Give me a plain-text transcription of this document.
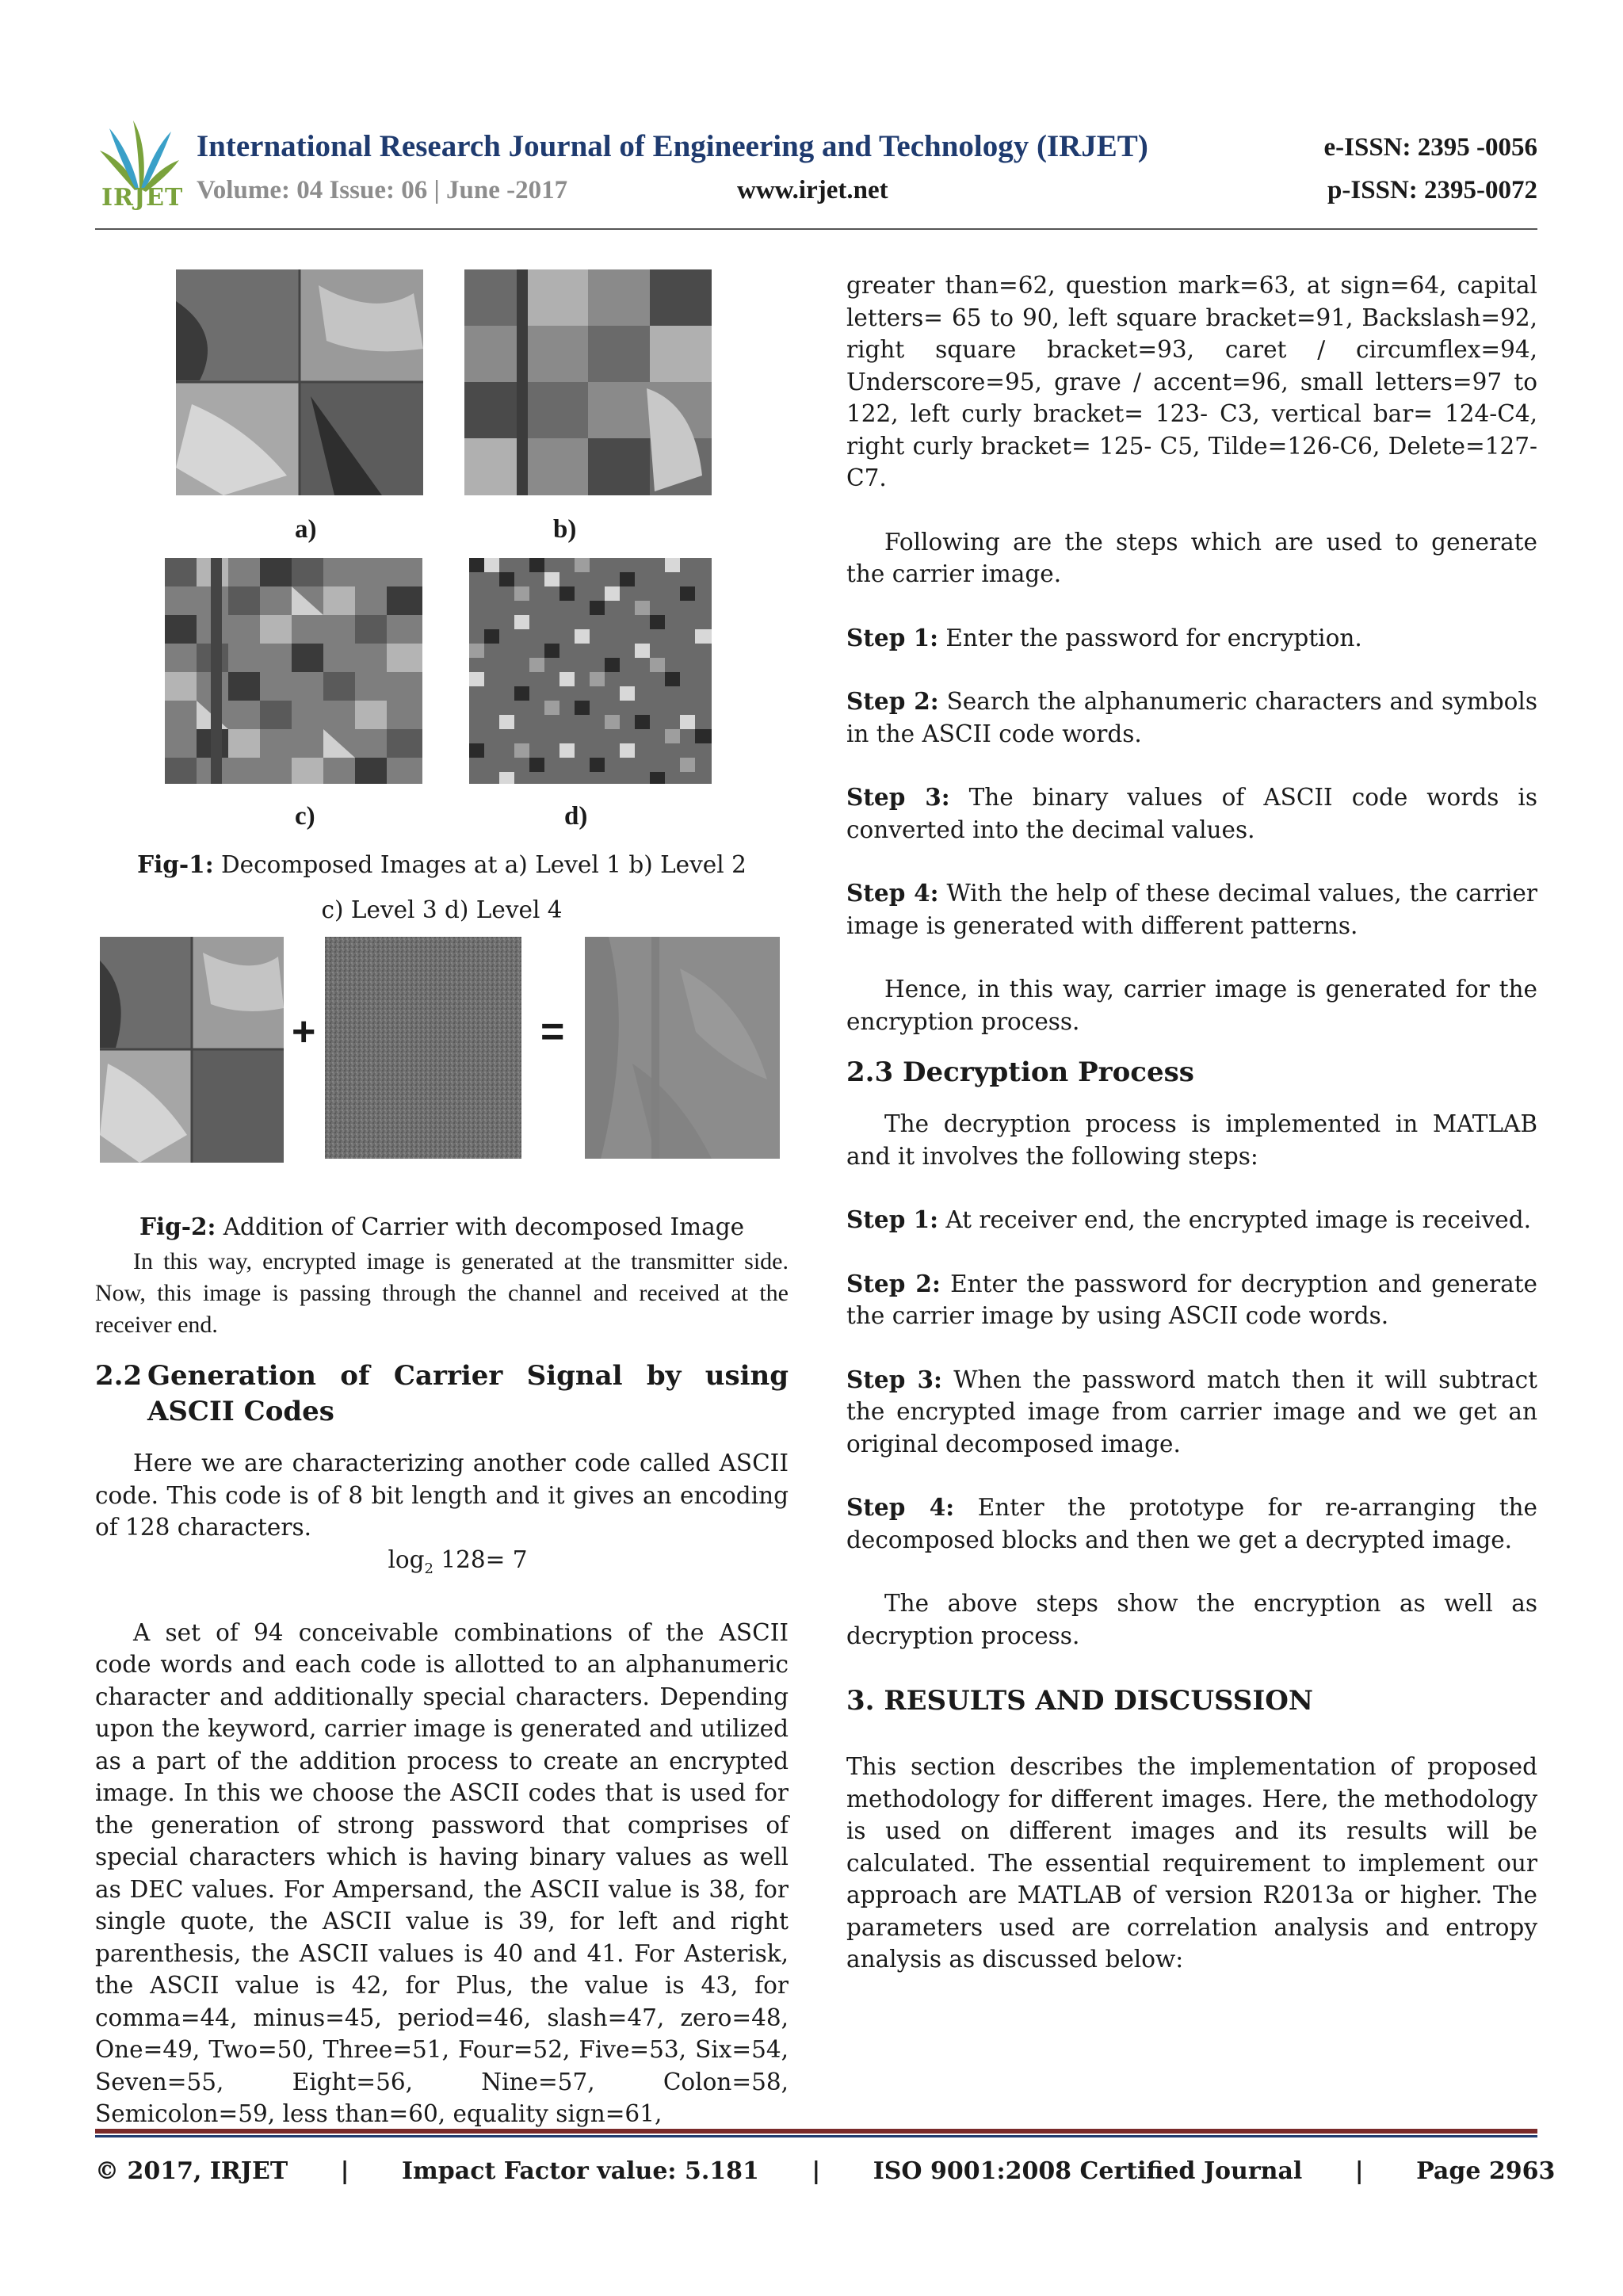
IRJET
International Research Journal of Engineering and Technology (IRJET)	e-ISSN: 2395 -0056
Volume: 04 Issue: 06 | June -2017	www.irjet.net	p-ISSN: 2395-0072
a)	b)
c)	d)
Fig-1: Decomposed Images at a) Level 1 b) Level 2
c) Level 3 d) Level 4
+	=
Fig-2: Addition of Carrier with decomposed Image

In this way, encrypted image is generated at the transmitter side. Now, this image is passing through the channel and received at the receiver end.

2.2 Generation of Carrier Signal by using ASCII Codes

Here we are characterizing another code called ASCII code. This code is of 8 bit length and it gives an encoding of 128 characters.

$\log_2 128= 7$

A set of 94 conceivable combinations of the ASCII code words and each code is allotted to an alphanumeric character and additionally special characters. Depending upon the keyword, carrier image is generated and utilized as a part of the addition process to create an encrypted image. In this we choose the ASCII codes that is used for the generation of strong password that comprises of special characters which is having binary values as well as DEC values. For Ampersand, the ASCII value is 38, for single quote, the ASCII value is 39, for left and right parenthesis, the ASCII values is 40 and 41. For Asterisk, the ASCII value is 42, for Plus, the value is 43, for comma=44, minus=45, period=46, slash=47, zero=48, One=49, Two=50, Three=51, Four=52, Five=53, Six=54, Seven=55, Eight=56, Nine=57, Colon=58, Semicolon=59, less than=60, equality sign=61,

greater than=62, question mark=63, at sign=64, capital letters= 65 to 90, left square bracket=91, Backslash=92, right square bracket=93, caret / circumflex=94, Underscore=95, grave / accent=96, small letters=97 to 122, left curly bracket= 123- C3, vertical bar= 124-C4, right curly bracket= 125- C5, Tilde=126-C6, Delete=127- C7.

Following are the steps which are used to generate the carrier image.

Step 1: Enter the password for encryption.

Step 2: Search the alphanumeric characters and symbols in the ASCII code words.

Step 3: The binary values of ASCII code words is converted into the decimal values.

Step 4: With the help of these decimal values, the carrier image is generated with different patterns.

Hence, in this way, carrier image is generated for the encryption process.

2.3 Decryption Process

The decryption process is implemented in MATLAB and it involves the following steps:

Step 1: At receiver end, the encrypted image is received.

Step 2: Enter the password for decryption and generate the carrier image by using ASCII code words.

Step 3: When the password match then it will subtract the encrypted image from carrier image and we get an original decomposed image.

Step 4: Enter the prototype for re-arranging the decomposed blocks and then we get a decrypted image.

The above steps show the encryption as well as decryption process.

3. RESULTS AND DISCUSSION

This section describes the implementation of proposed methodology for different images. Here, the methodology is used on different images and its results will be calculated. The essential requirement to implement our approach are MATLAB of version R2013a or higher. The parameters used are correlation analysis and entropy analysis as discussed below:

© 2017, IRJET | Impact Factor value: 5.181 | ISO 9001:2008 Certified Journal | Page 2963
